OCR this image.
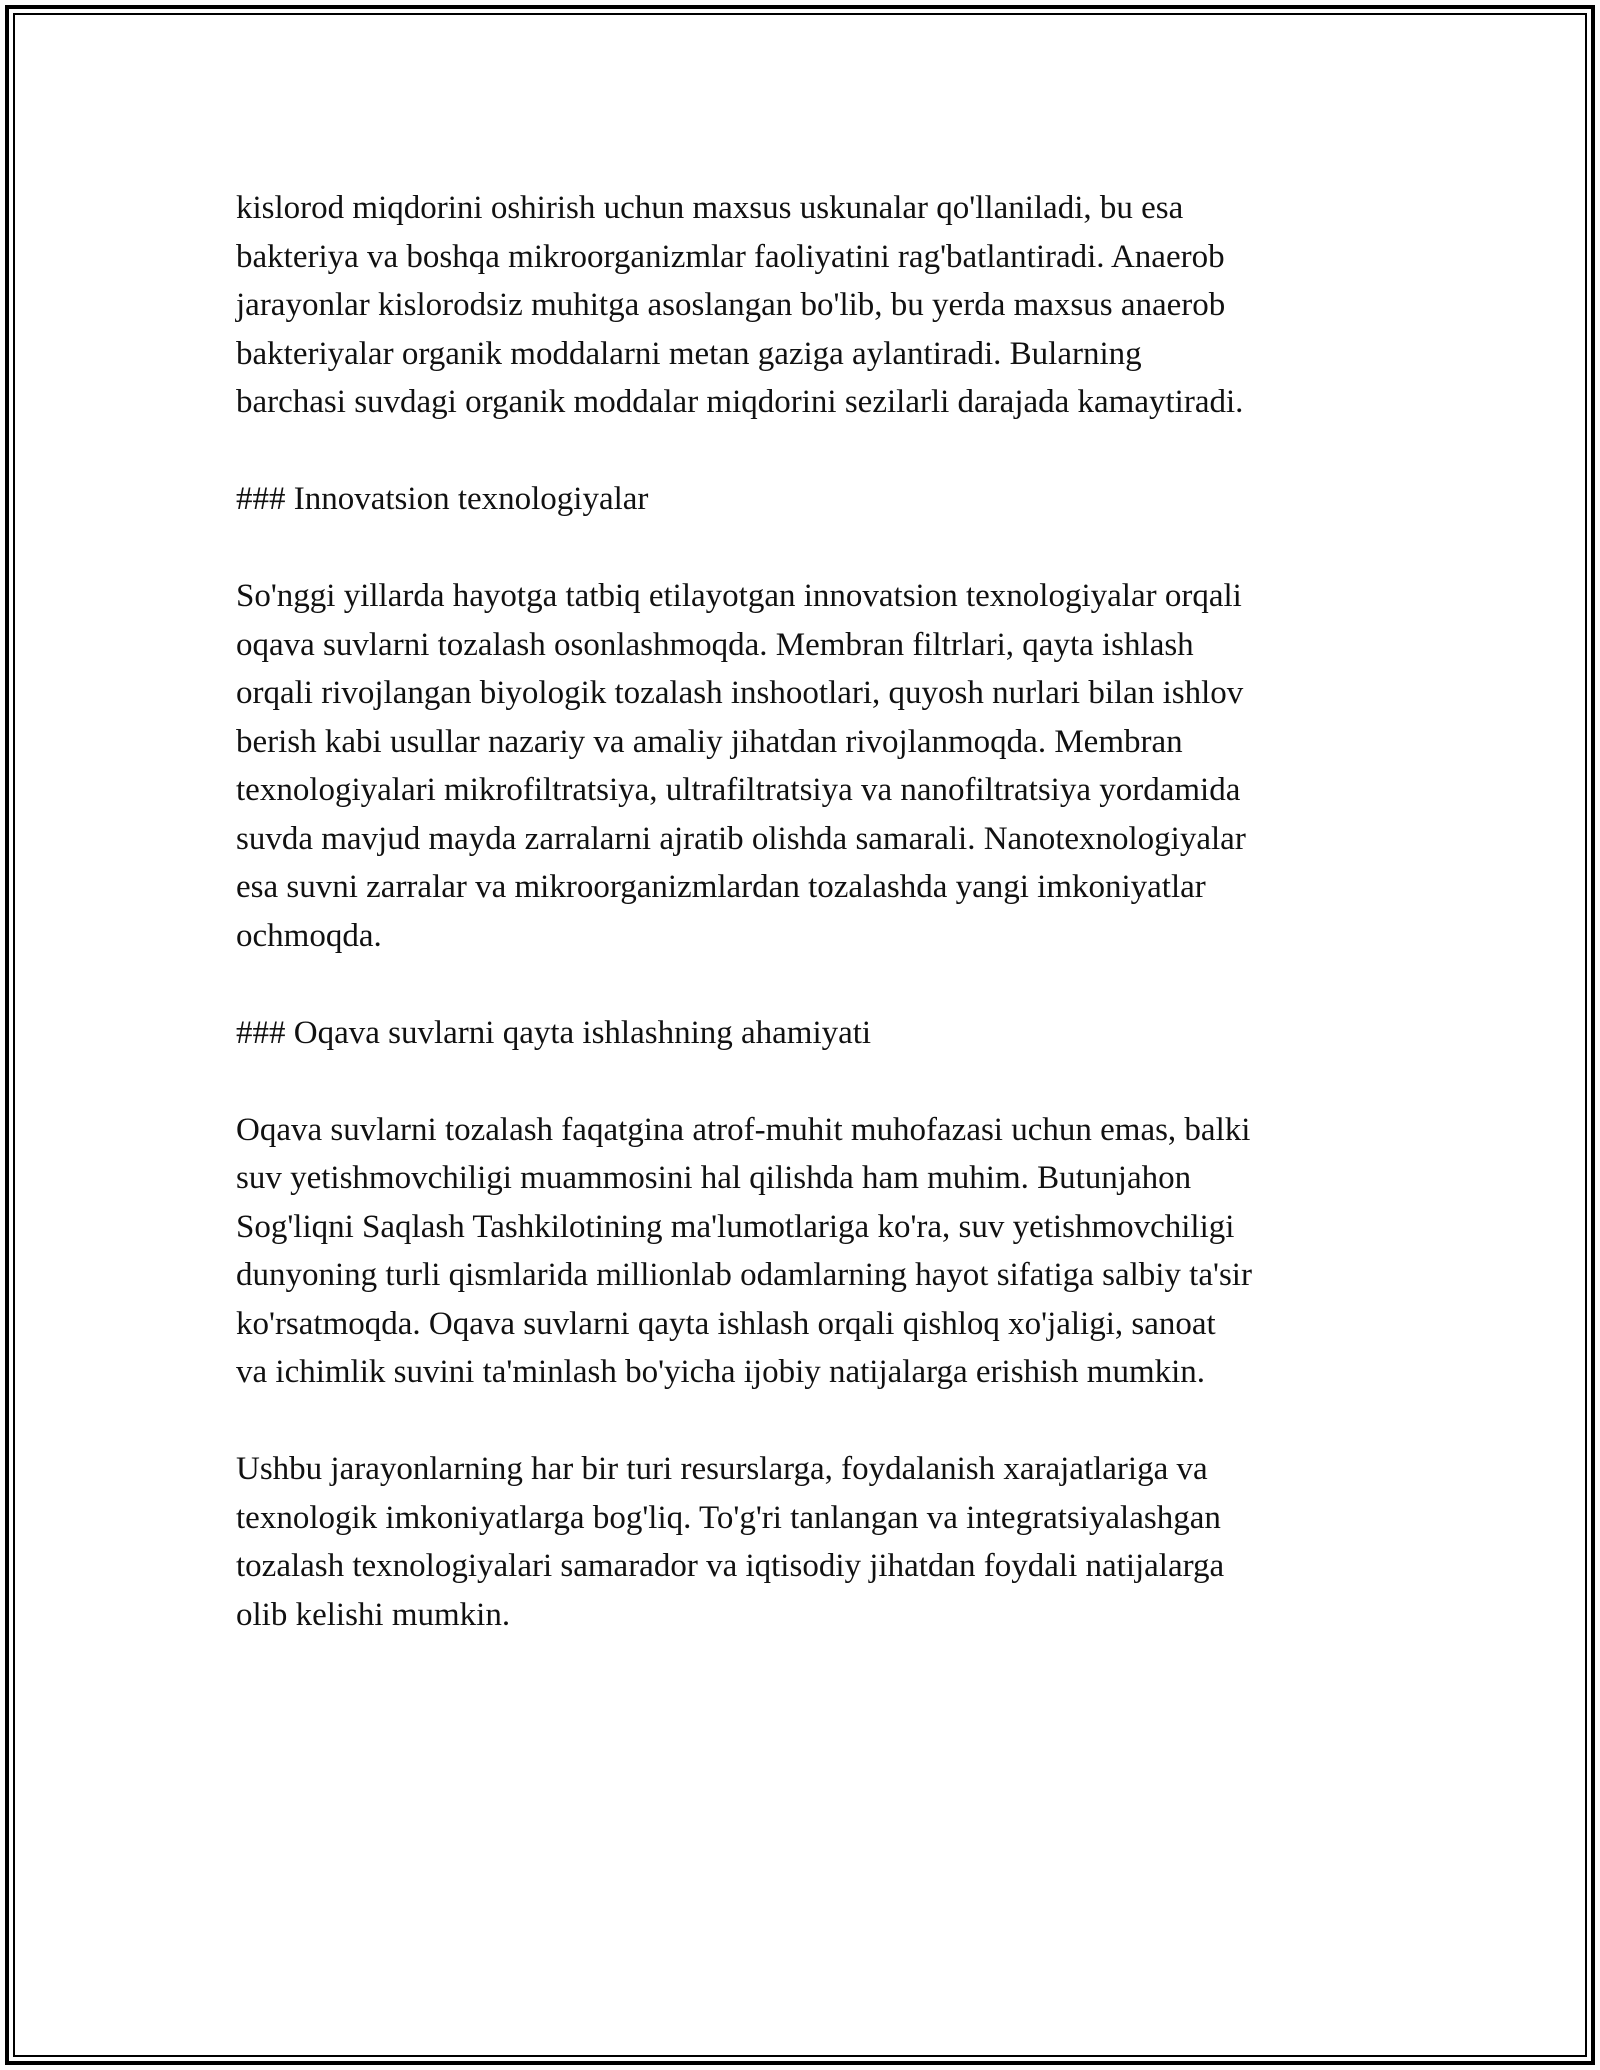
kislorod miqdorini oshirish uchun maxsus uskunalar qo'llaniladi, bu esa
bakteriya va boshqa mikroorganizmlar faoliyatini rag'batlantiradi. Anaerob
jarayonlar kislorodsiz muhitga asoslangan bo'lib, bu yerda maxsus anaerob
bakteriyalar organik moddalarni metan gaziga aylantiradi. Bularning
barchasi suvdagi organik moddalar miqdorini sezilarli darajada kamaytiradi.

### Innovatsion texnologiyalar

So'nggi yillarda hayotga tatbiq etilayotgan innovatsion texnologiyalar orqali
oqava suvlarni tozalash osonlashmoqda. Membran filtrlari, qayta ishlash
orqali rivojlangan biyologik tozalash inshootlari, quyosh nurlari bilan ishlov
berish kabi usullar nazariy va amaliy jihatdan rivojlanmoqda. Membran
texnologiyalari mikrofiltratsiya, ultrafiltratsiya va nanofiltratsiya yordamida
suvda mavjud mayda zarralarni ajratib olishda samarali. Nanotexnologiyalar
esa suvni zarralar va mikroorganizmlardan tozalashda yangi imkoniyatlar
ochmoqda.

### Oqava suvlarni qayta ishlashning ahamiyati

Oqava suvlarni tozalash faqatgina atrof-muhit muhofazasi uchun emas, balki
suv yetishmovchiligi muammosini hal qilishda ham muhim. Butunjahon
Sog'liqni Saqlash Tashkilotining ma'lumotlariga ko'ra, suv yetishmovchiligi
dunyoning turli qismlarida millionlab odamlarning hayot sifatiga salbiy ta'sir
ko'rsatmoqda. Oqava suvlarni qayta ishlash orqali qishloq xo'jaligi, sanoat
va ichimlik suvini ta'minlash bo'yicha ijobiy natijalarga erishish mumkin.

Ushbu jarayonlarning har bir turi resurslarga, foydalanish xarajatlariga va
texnologik imkoniyatlarga bog'liq. To'g'ri tanlangan va integratsiyalashgan
tozalash texnologiyalari samarador va iqtisodiy jihatdan foydali natijalarga
olib kelishi mumkin.
